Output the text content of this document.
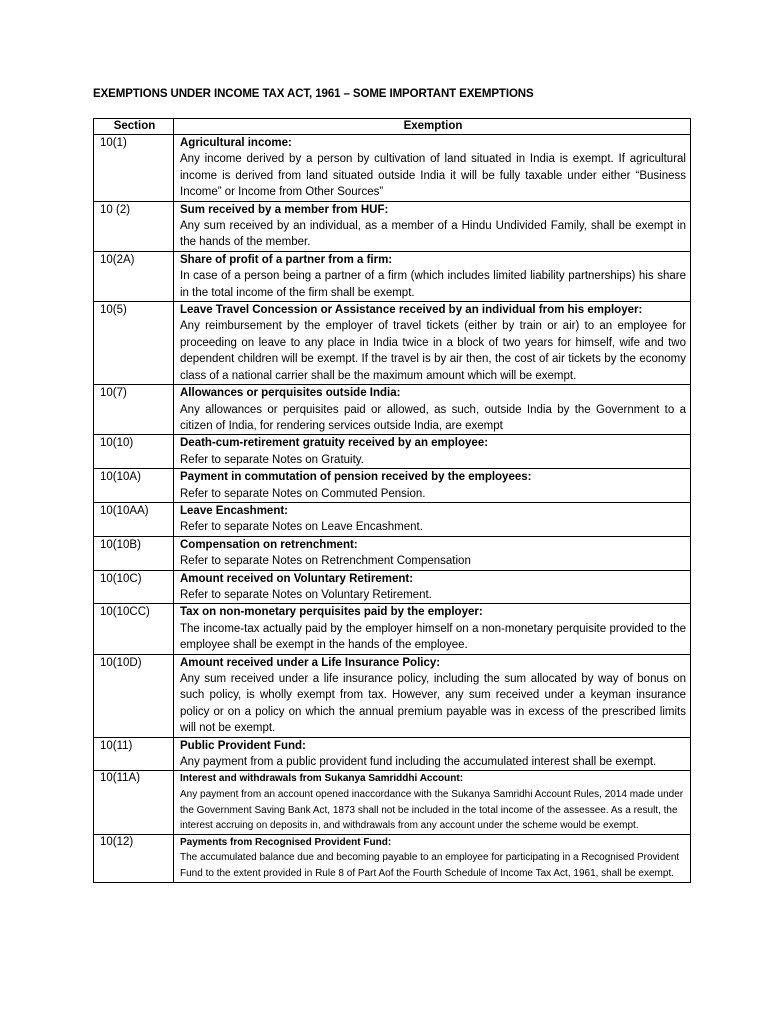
EXEMPTIONS UNDER INCOME TAX ACT, 1961 – SOME IMPORTANT EXEMPTIONS
Section	Exemption
10(1)	Agricultural income:
Any income derived by a person by cultivation of land situated in India is exempt. If agricultural income is derived from land situated outside India it will be fully taxable under either “Business Income” or Income from Other Sources”

10 (2)	Sum received by a member from HUF:
Any sum received by an individual, as a member of a Hindu Undivided Family, shall be exempt in the hands of the member.

10(2A)	Share of profit of a partner from a firm:
In case of a person being a partner of a firm (which includes limited liability partnerships) his share in the total income of the firm shall be exempt.

10(5)	Leave Travel Concession or Assistance received by an individual from his employer:
Any reimbursement by the employer of travel tickets (either by train or air) to an employee for proceeding on leave to any place in India twice in a block of two years for himself, wife and two dependent children will be exempt. If the travel is by air then, the cost of air tickets by the economy class of a national carrier shall be the maximum amount which will be exempt.

10(7)	Allowances or perquisites outside India:
Any allowances or perquisites paid or allowed, as such, outside India by the Government to a citizen of India, for rendering services outside India, are exempt

10(10)	Death-cum-retirement gratuity received by an employee:
Refer to separate Notes on Gratuity.

10(10A)	Payment in commutation of pension received by the employees:
Refer to separate Notes on Commuted Pension.

10(10AA)	Leave Encashment:
Refer to separate Notes on Leave Encashment.

10(10B)	Compensation on retrenchment:
Refer to separate Notes on Retrenchment Compensation

10(10C)	Amount received on Voluntary Retirement:
Refer to separate Notes on Voluntary Retirement.

10(10CC)	Tax on non-monetary perquisites paid by the employer:
The income-tax actually paid by the employer himself on a non-monetary perquisite provided to the employee shall be exempt in the hands of the employee.

10(10D)	Amount received under a Life Insurance Policy:
Any sum received under a life insurance policy, including the sum allocated by way of bonus on such policy, is wholly exempt from tax. However, any sum received under a keyman insurance policy or on a policy on which the annual premium payable was in excess of the prescribed limits will not be exempt.

10(11)	Public Provident Fund:
Any payment from a public provident fund including the accumulated interest shall be exempt.

10(11A)	Interest and withdrawals from Sukanya Samriddhi Account:
Any payment from an account opened inaccordance with the Sukanya Samridhi Account Rules, 2014 made under the Government Saving Bank Act, 1873 shall not be included in the total income of the assessee. As a result, the interest accruing on deposits in, and withdrawals from any account under the scheme would be exempt.

10(12)	Payments from Recognised Provident Fund:
The accumulated balance due and becoming payable to an employee for participating in a Recognised Provident Fund to the extent provided in Rule 8 of Part Aof the Fourth Schedule of Income Tax Act, 1961, shall be exempt.
